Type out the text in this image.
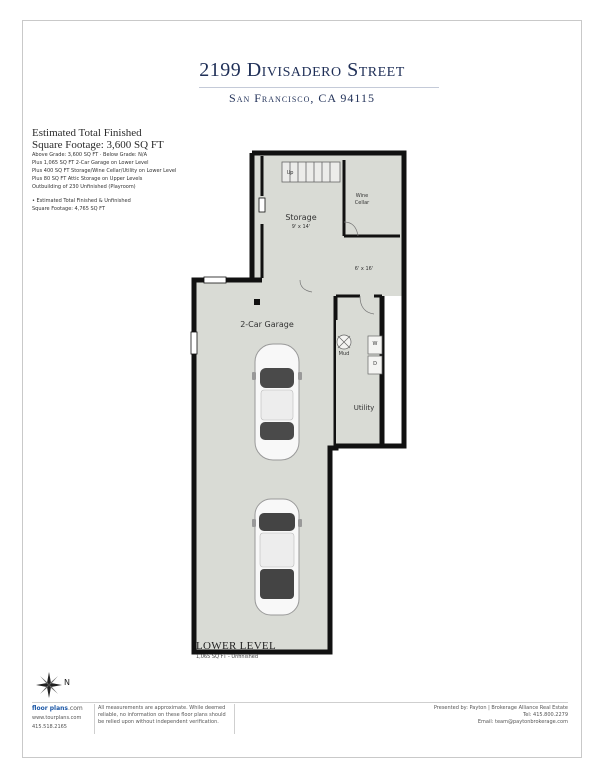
2199 Divisadero Street
San Francisco, CA 94115
Estimated Total Finished
Square Footage: 3,600 SQ FT
Above Grade: 3,600 SQ FT · Below Grade: N/A
Plus 1,065 SQ FT 2-Car Garage on Lower Level
Plus 400 SQ FT Storage/Wine Cellar/Utility on Lower Level
Plus 80 SQ FT Attic Storage on Upper Levels
Outbuilding of 230 Unfinished (Playroom)
• Estimated Total Finished & Unfinished
Square Footage: 4,765 SQ FT
Storage
9' x 14'
Up
Wine
Cellar
6' x 16'
2-Car Garage
Mud
Utility
W
D
LOWER LEVEL
1,065 SQ FT - Unfinished
N
floor plans.com
www.tourplans.com
415.518.2165
All measurements are approximate. While deemed reliable, no information on these floor plans should be relied upon without independent verification.
Presented by: Payton | Brokerage Alliance Real Estate
Tel: 415.800.2279
Email: team@paytonbrokerage.com
